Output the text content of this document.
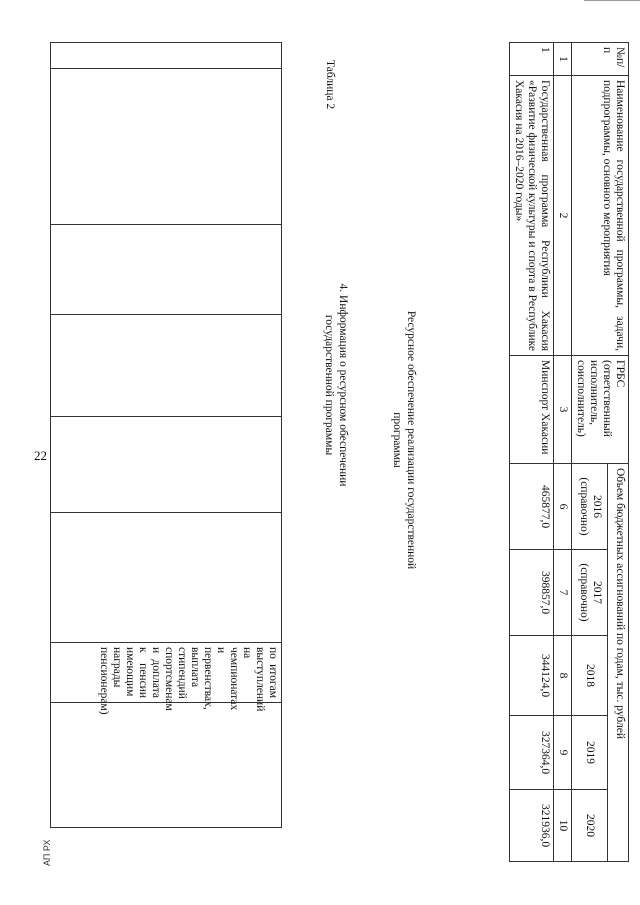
22
АП РХ
						по итогам выступлений на чемпионатах и первенствах, выплата стипендий спортсменам и доплата к пенсии имеющим награды пенсионерам)	
4. Информация о ресурсном обеспечении государственной программы
Таблица 2
Ресурсное обеспечение реализации государственной программы
№п/п	Наименование государственной программы, задачи, подпрограммы, основного мероприятия	ГРБС (ответственный исполнитель, соисполнитель)	Объем бюджетных ассигнований по годам, тыс. рублей				
			2016 (справочно)	2017 (справочно)	2018	2019	2020
1	2	3	6	7	8	9	10
1	Государственная программа Республики Хакасия «Развитие физической культуры и спорта в Республике Хакасия на 2016–2020 годы»	Минспорт Хакасии	465877,0	398857,0	344124,0	327364,0	321936,0
